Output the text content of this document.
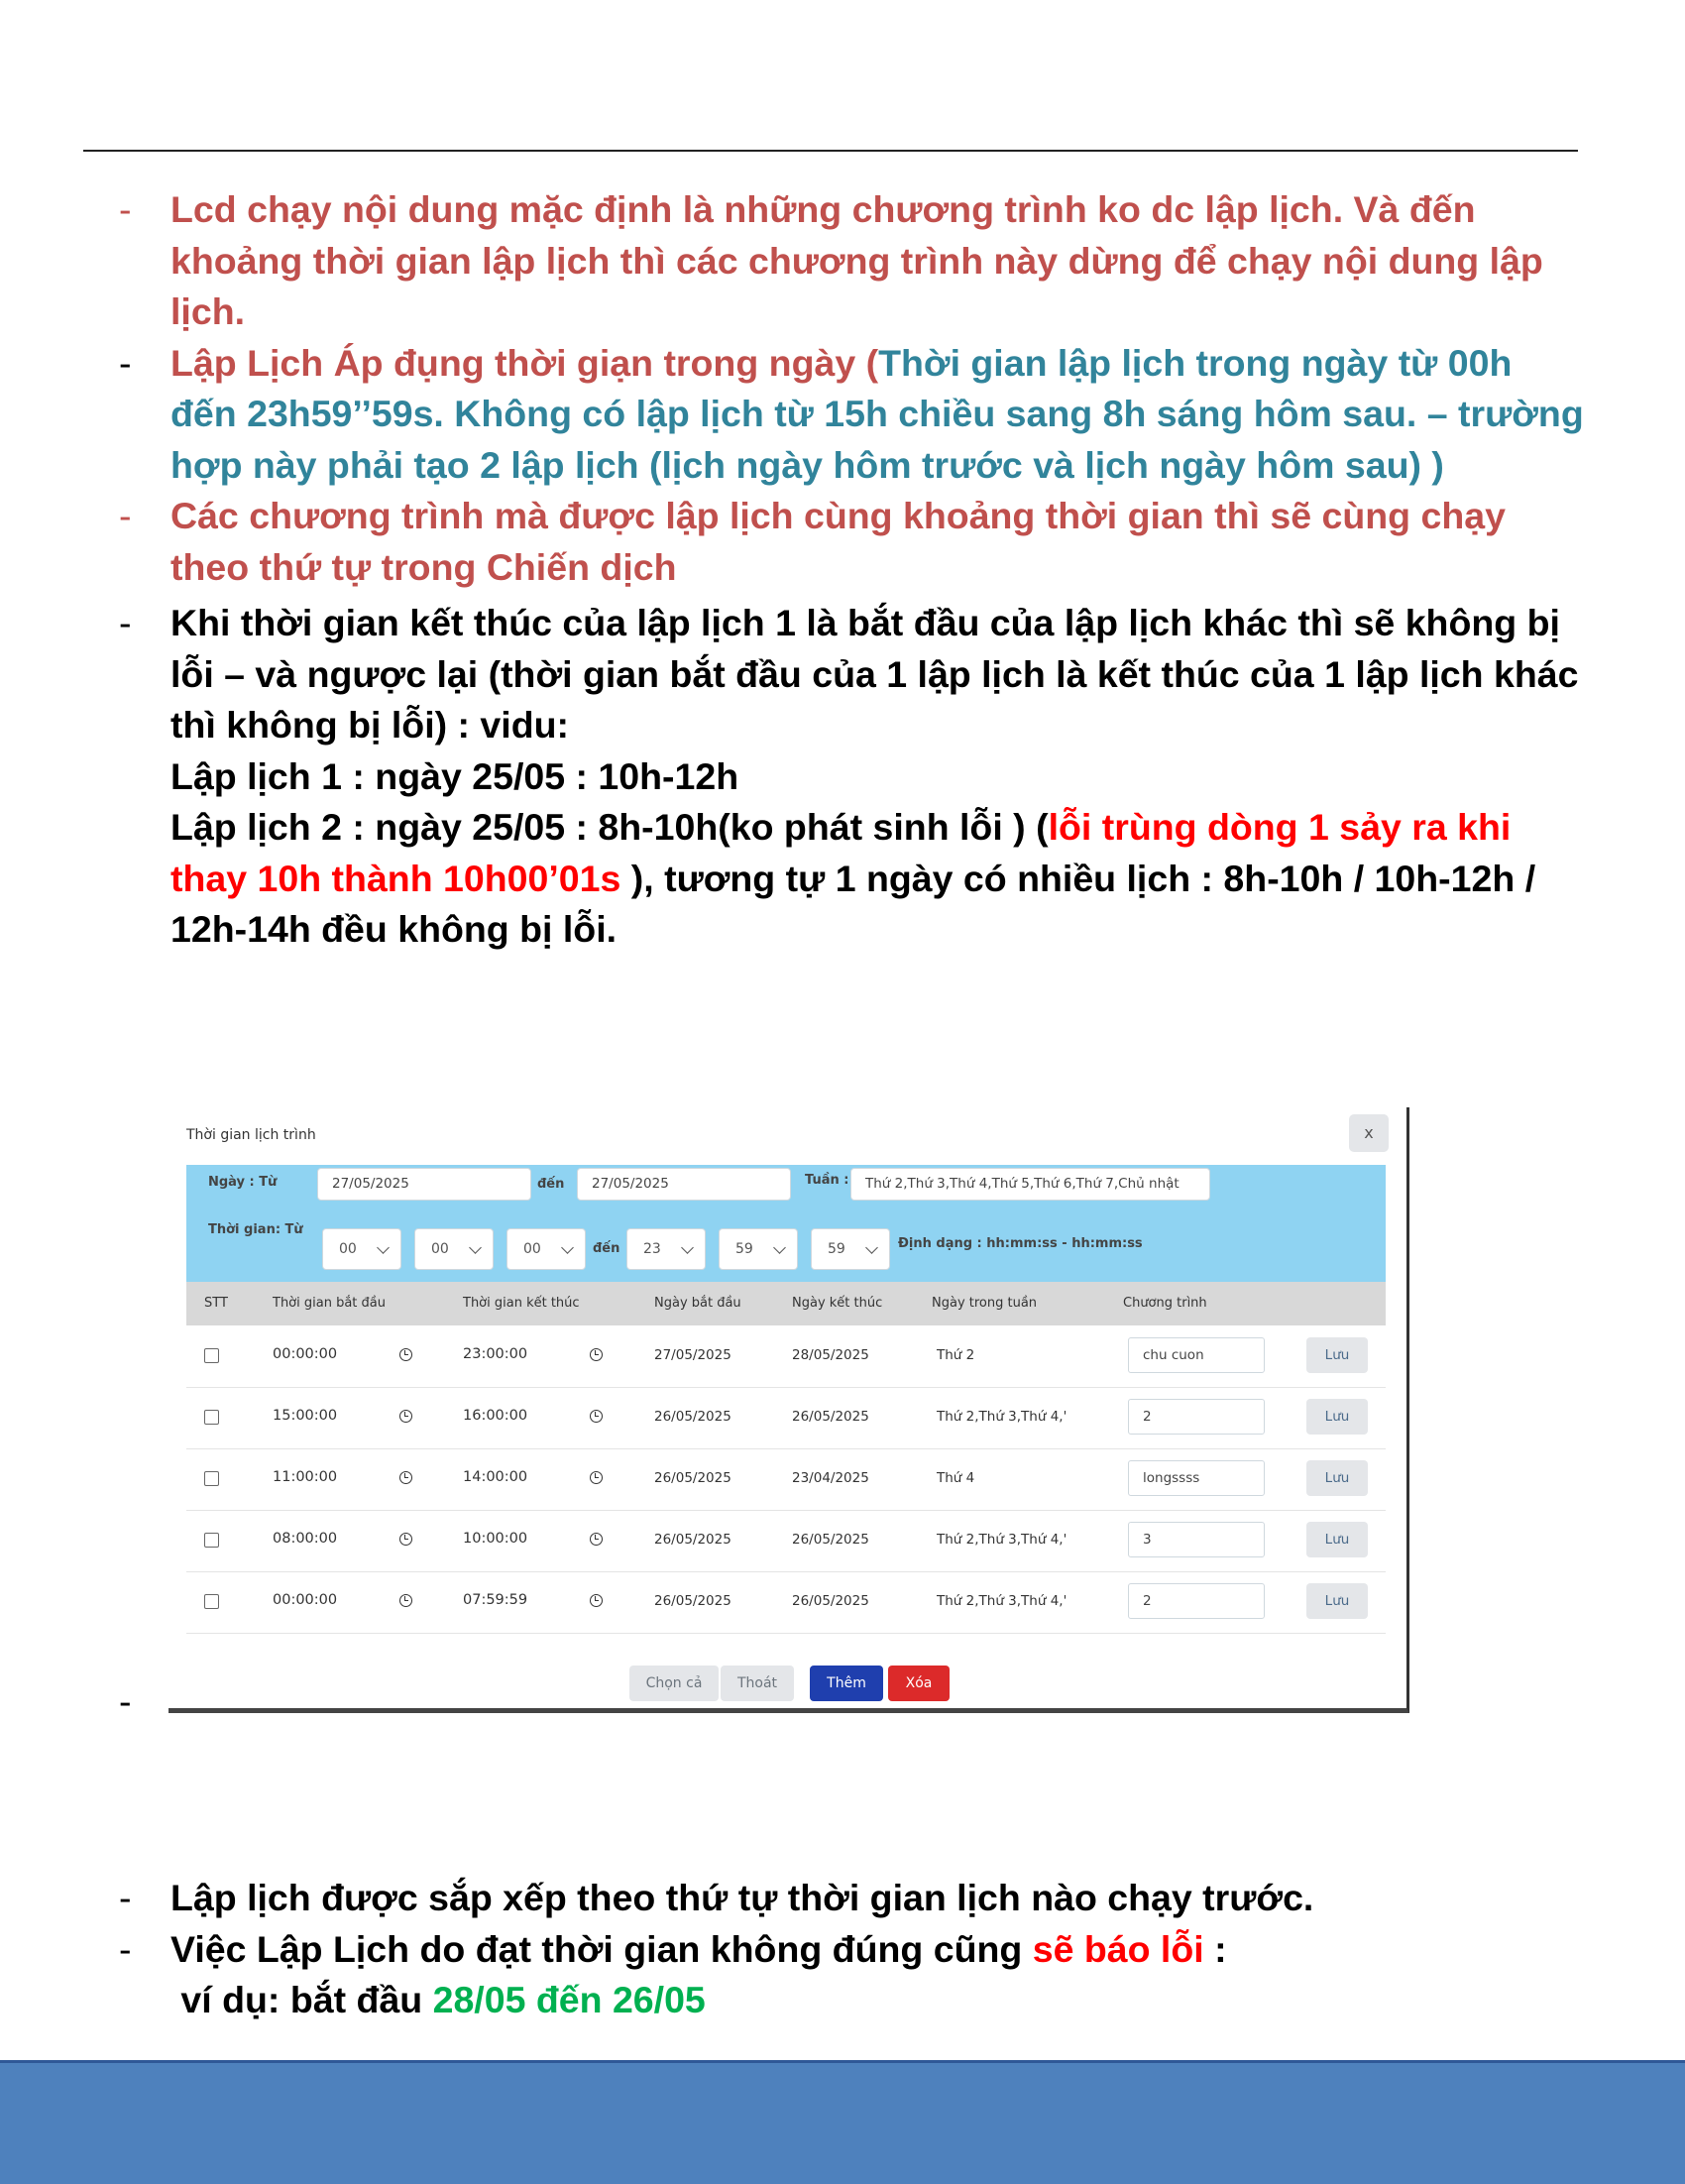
- Lcd chạy nội dung mặc định là những chương trình ko dc lập lịch. Và đến khoảng thời gian lập lịch thì các chương trình này dừng để chạy nội dung lập lịch.
- Lập Lịch Áp đụng thời giạn trong ngày (Thời gian lập lịch trong ngày từ 00h đến 23h59’’59s. Không có lập lịch từ 15h chiều sang 8h sáng hôm sau. – trường hợp này phải tạo 2 lập lịch (lịch ngày hôm trước và lịch ngày hôm sau) )
- Các chương trình mà được lập lịch cùng khoảng thời gian thì sẽ cùng chạy theo thứ tự trong Chiến dịch
- Khi thời gian kết thúc của lập lịch 1 là bắt đầu của lập lịch khác thì sẽ không bị lỗi – và ngược lại (thời gian bắt đầu của 1 lập lịch là kết thúc của 1 lập lịch khác thì không bị lỗi) : vidu:
Lập lịch 1 : ngày 25/05 : 10h-12h
Lập lịch 2 : ngày 25/05 : 8h-10h(ko phát sinh lỗi ) (lỗi trùng dòng 1 sảy ra khi thay 10h thành 10h00’01s ), tương tự 1 ngày có nhiều lịch : 8h-10h / 10h-12h / 12h-14h đều không bị lỗi.
Thời gian lịch trình	x
Ngày : Từ	27/05/2025	đến	27/05/2025	Tuần :	Thứ 2,Thứ 3,Thứ 4,Thứ 5,Thứ 6,Thứ 7,Chủ nhật
Thời gian: Từ
00	00	00	đến	23	59	59	Định dạng : hh:mm:ss - hh:mm:ss
STT	Thời gian bắt đầu	Thời gian kết thúc	Ngày bắt đầu	Ngày kết thúc	Ngày trong tuần	Chương trình
00:00:00	23:00:00	27/05/2025	28/05/2025	Thứ 2	chu cuon	Lưu
15:00:00	16:00:00	26/05/2025	26/05/2025	Thứ 2,Thứ 3,Thứ 4,'	2	Lưu
11:00:00	14:00:00	26/05/2025	23/04/2025	Thứ 4	longssss	Lưu
08:00:00	10:00:00	26/05/2025	26/05/2025	Thứ 2,Thứ 3,Thứ 4,'	3	Lưu
00:00:00	07:59:59	26/05/2025	26/05/2025	Thứ 2,Thứ 3,Thứ 4,'	2	Lưu
Chọn cả	Thoát	Thêm	Xóa
-
- Lập lịch được sắp xếp theo thứ tự thời gian lịch nào chạy trước.
- Việc Lập Lịch do đạt thời gian không đúng cũng sẽ báo lỗi :
ví dụ: bắt đầu 28/05 đến 26/05
